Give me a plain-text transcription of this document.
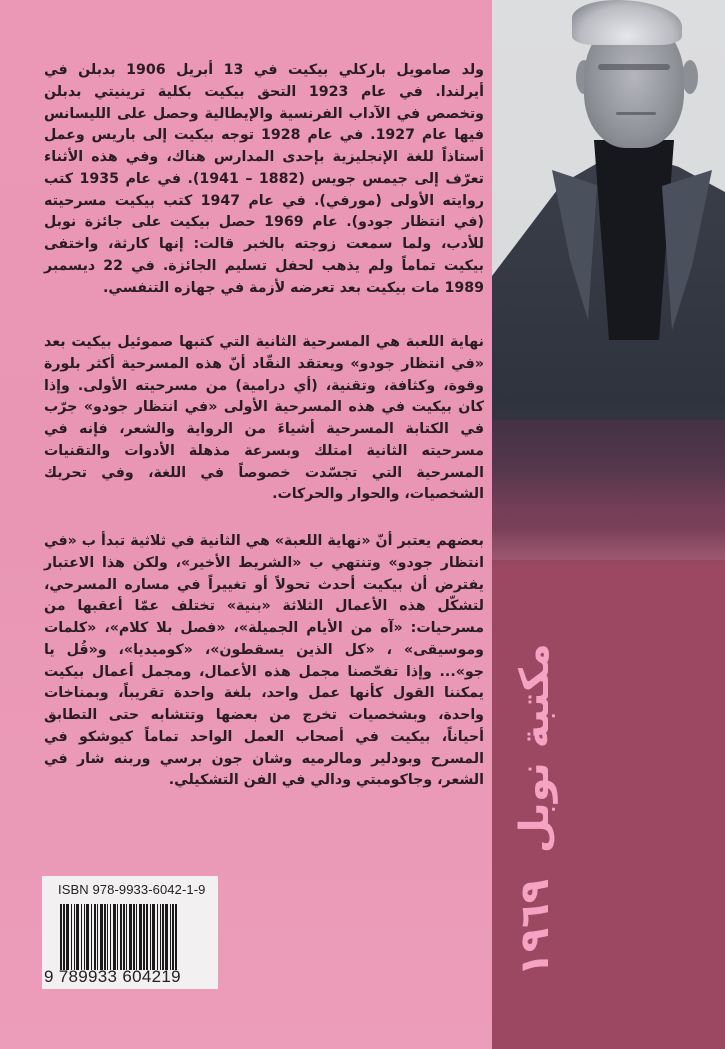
ولد صامويل باركلي بيكيت في 13 أبريل 1906 بدبلن في أيرلندا. في عام 1923 التحق بيكيت بكلية ترينيتي بدبلن وتخصص في الآداب الفرنسية والإيطالية وحصل على الليسانس فيها عام 1927. في عام 1928 توجه بيكيت إلى باريس وعمل أستاذاً للغة الإنجليزية بإحدى المدارس هناك، وفي هذه الأثناء تعرّف إلى جيمس جويس (1882 – 1941). في عام 1935 كتب روايته الأولى (مورفي). في عام 1947 كتب بيكيت مسرحيته (في انتظار جودو). عام 1969 حصل بيكيت على جائزة نوبل للأدب، ولما سمعت زوجته بالخبر قالت: إنها كارثة، واختفى بيكيت تماماً ولم يذهب لحفل تسليم الجائزة. في 22 ديسمبر 1989 مات بيكيت بعد تعرضه لأزمة في جهازه التنفسي.

نهاية اللعبة هي المسرحية الثانية التي كتبها صموئيل بيكيت بعد «في انتظار جودو» ويعتقد النقّاد أنّ هذه المسرحية أكثر بلورة وقوة، وكثافة، وتقنية، (أي درامية) من مسرحيته الأولى. وإذا كان بيكيت في هذه المسرحية الأولى «في انتظار جودو» جرّب في الكتابة المسرحية أشياءَ من الرواية والشعر، فإنه في مسرحيته الثانية امتلك وبسرعة مذهلة الأدوات والتقنيات المسرحية التي تجسّدت خصوصاً في اللغة، وفي تحريك الشخصيات، والحوار والحركات.

بعضهم يعتبر أنّ «نهاية اللعبة» هي الثانية في ثلاثية تبدأ ب «في انتظار جودو» وتنتهي ب «الشريط الأخير»، ولكن هذا الاعتبار يفترض أن بيكيت أحدث تحولاً أو تغييراً في مساره المسرحي، لتشكّل هذه الأعمال الثلاثة «بنية» تختلف عمّا أعقبها من مسرحيات: «آه من الأيام الجميلة»، «فصل بلا كلام»، «كلمات وموسيقى» ، «كل الذين يسقطون»، «كوميديا»، و«قُل يا جو»... وإذا تفحّصنا مجمل هذه الأعمال، ومجمل أعمال بيكيت يمكننا القول كأنها عمل واحد، بلغة واحدة تقريباً، وبمناخات واحدة، وبشخصيات تخرج من بعضها وتتشابه حتى التطابق أحياناً، بيكيت في أصحاب العمل الواحد تماماً كيوشكو في المسرح وبودلير ومالرميه وشان جون برسي وربنه شار في الشعر، وجاكومبتي ودالي في الفن التشكيلي.

ISBN 978-9933-6042-1-9
9 789933 604219
مكتبة نوبل
١٩٦٩
